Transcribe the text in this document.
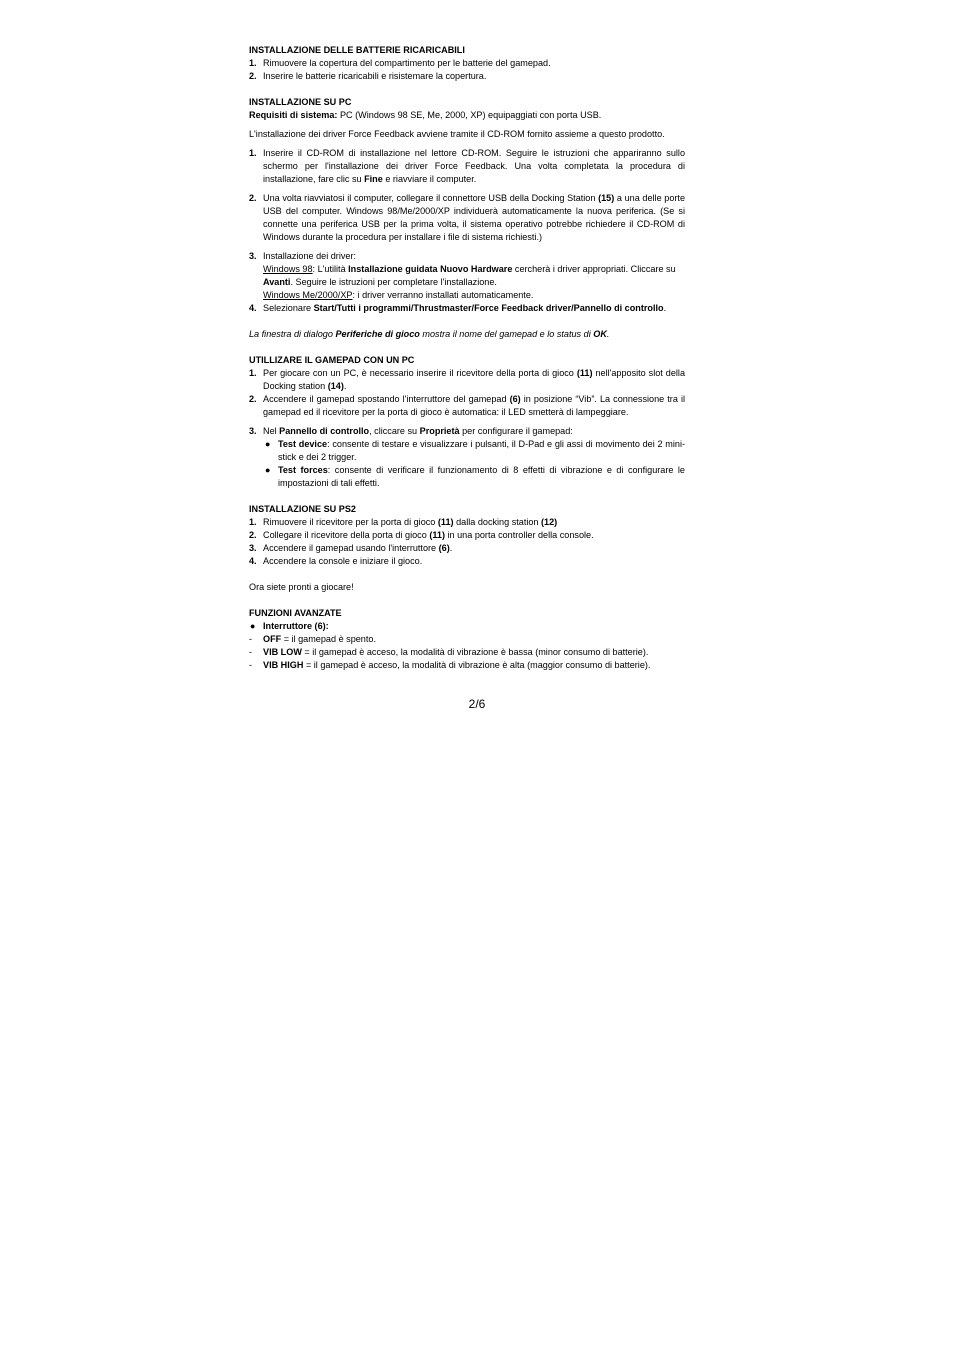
INSTALLAZIONE DELLE BATTERIE RICARICABILI

1. Rimuovere la copertura del compartimento per le batterie del gamepad.
2. Inserire le batterie ricaricabili e risistemare la copertura.

INSTALLAZIONE SU PC

Requisiti di sistema: PC (Windows 98 SE, Me, 2000, XP) equipaggiati con porta USB.

L'installazione dei driver Force Feedback avviene tramite il CD-ROM fornito assieme a questo prodotto.

1. Inserire il CD-ROM di installazione nel lettore CD-ROM. Seguire le istruzioni che appariranno sullo schermo per l'installazione dei driver Force Feedback. Una volta completata la procedura di installazione, fare clic su Fine e riavviare il computer.
2. Una volta riavviatosi il computer, collegare il connettore USB della Docking Station (15) a una delle porte USB del computer. Windows 98/Me/2000/XP individuerà automaticamente la nuova periferica. (Se si connette una periferica USB per la prima volta, il sistema operativo potrebbe richiedere il CD-ROM di Windows durante la procedura per installare i file di sistema richiesti.)
3. Installazione dei driver:
Windows 98: L'utilità Installazione guidata Nuovo Hardware cercherà i driver appropriati. Cliccare su Avanti. Seguire le istruzioni per completare l'installazione.
Windows Me/2000/XP: i driver verranno installati automaticamente.
4. Selezionare Start/Tutti i programmi/Thrustmaster/Force Feedback driver/Pannello di controllo.

La finestra di dialogo Periferiche di gioco mostra il nome del gamepad e lo status di OK.

UTILLIZARE IL GAMEPAD CON UN PC

1. Per giocare con un PC, è necessario inserire il ricevitore della porta di gioco (11) nell'apposito slot della Docking station (14).
2. Accendere il gamepad spostando l'interruttore del gamepad (6) in posizione “Vib”. La connessione tra il gamepad ed il ricevitore per la porta di gioco è automatica: il LED smetterà di lampeggiare.
3. Nel Pannello di controllo, cliccare su Proprietà per configurare il gamepad:
● Test device: consente di testare e visualizzare i pulsanti, il D-Pad e gli assi di movimento dei 2 mini-stick e dei 2 trigger.
● Test forces: consente di verificare il funzionamento di 8 effetti di vibrazione e di configurare le impostazioni di tali effetti.

INSTALLAZIONE SU PS2

1. Rimuovere il ricevitore per la porta di gioco (11) dalla docking station (12)
2. Collegare il ricevitore della porta di gioco (11) in una porta controller della console.
3. Accendere il gamepad usando l'interruttore (6).
4. Accendere la console e iniziare il gioco.

Ora siete pronti a giocare!

FUNZIONI AVANZATE

● Interruttore (6):
- OFF = il gamepad è spento.
- VIB LOW = il gamepad è acceso, la modalità di vibrazione è bassa (minor consumo di batterie).
- VIB HIGH = il gamepad è acceso, la modalità di vibrazione è alta (maggior consumo di batterie).
2/6
